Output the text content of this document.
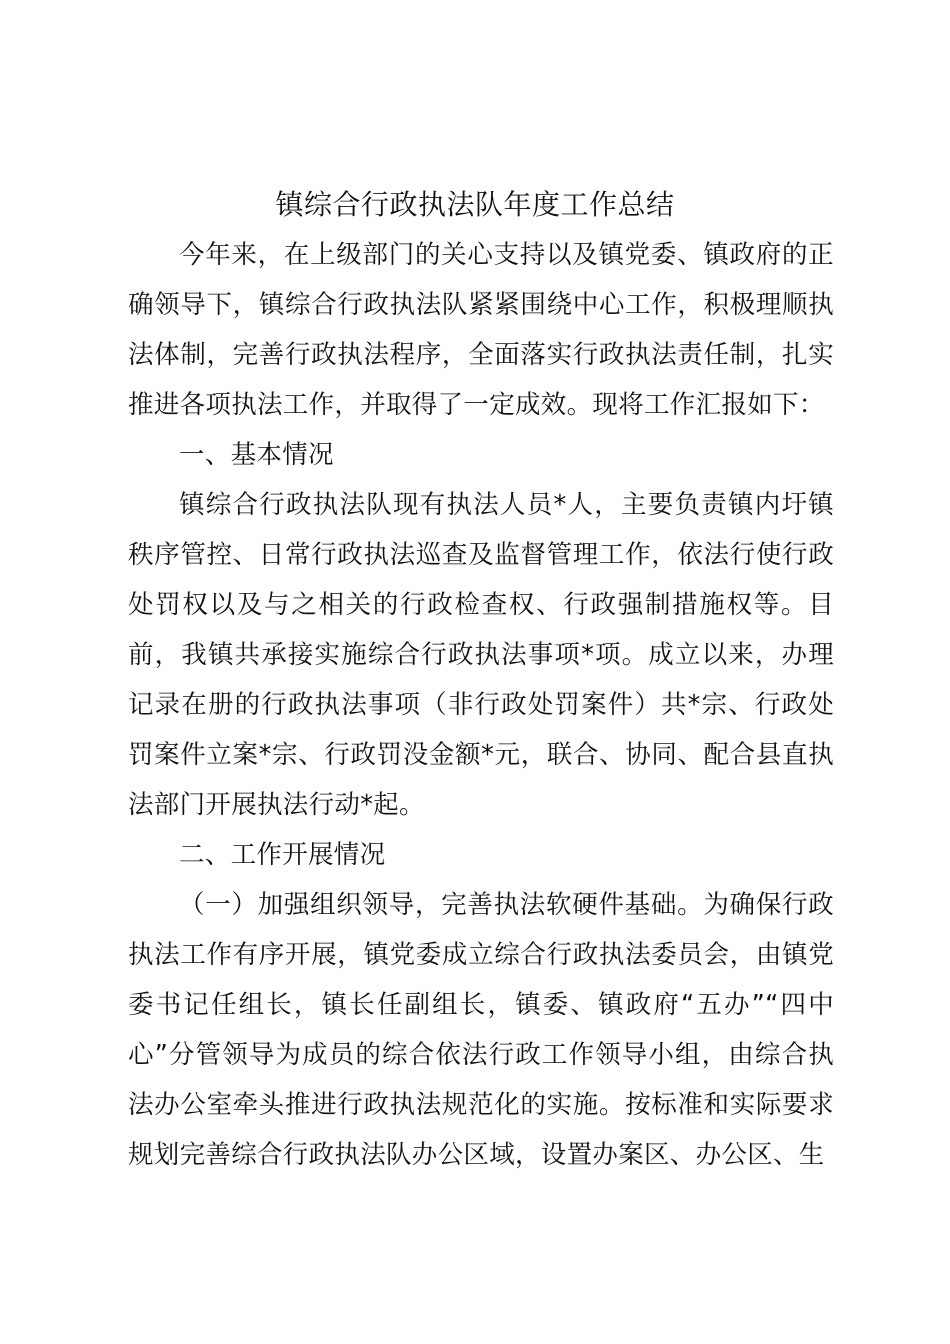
镇综合行政执法队年度工作总结

今年来，在上级部门的关心支持以及镇党委、镇政府的正确领导下，镇综合行政执法队紧紧围绕中心工作，积极理顺执法体制，完善行政执法程序，全面落实行政执法责任制，扎实推进各项执法工作，并取得了一定成效。现将工作汇报如下：

一、基本情况

镇综合行政执法队现有执法人员*人，主要负责镇内圩镇秩序管控、日常行政执法巡查及监督管理工作，依法行使行政处罚权以及与之相关的行政检查权、行政强制措施权等。目前，我镇共承接实施综合行政执法事项*项。成立以来，办理记录在册的行政执法事项（非行政处罚案件）共*宗、行政处罚案件立案*宗、行政罚没金额*元，联合、协同、配合县直执法部门开展执法行动*起。

二、工作开展情况

（一）加强组织领导，完善执法软硬件基础。为确保行政执法工作有序开展，镇党委成立综合行政执法委员会，由镇党委书记任组长，镇长任副组长，镇委、镇政府“五办”“四中心”分管领导为成员的综合依法行政工作领导小组，由综合执法办公室牵头推进行政执法规范化的实施。按标准和实际要求规划完善综合行政执法队办公区域，设置办案区、办公区、生
